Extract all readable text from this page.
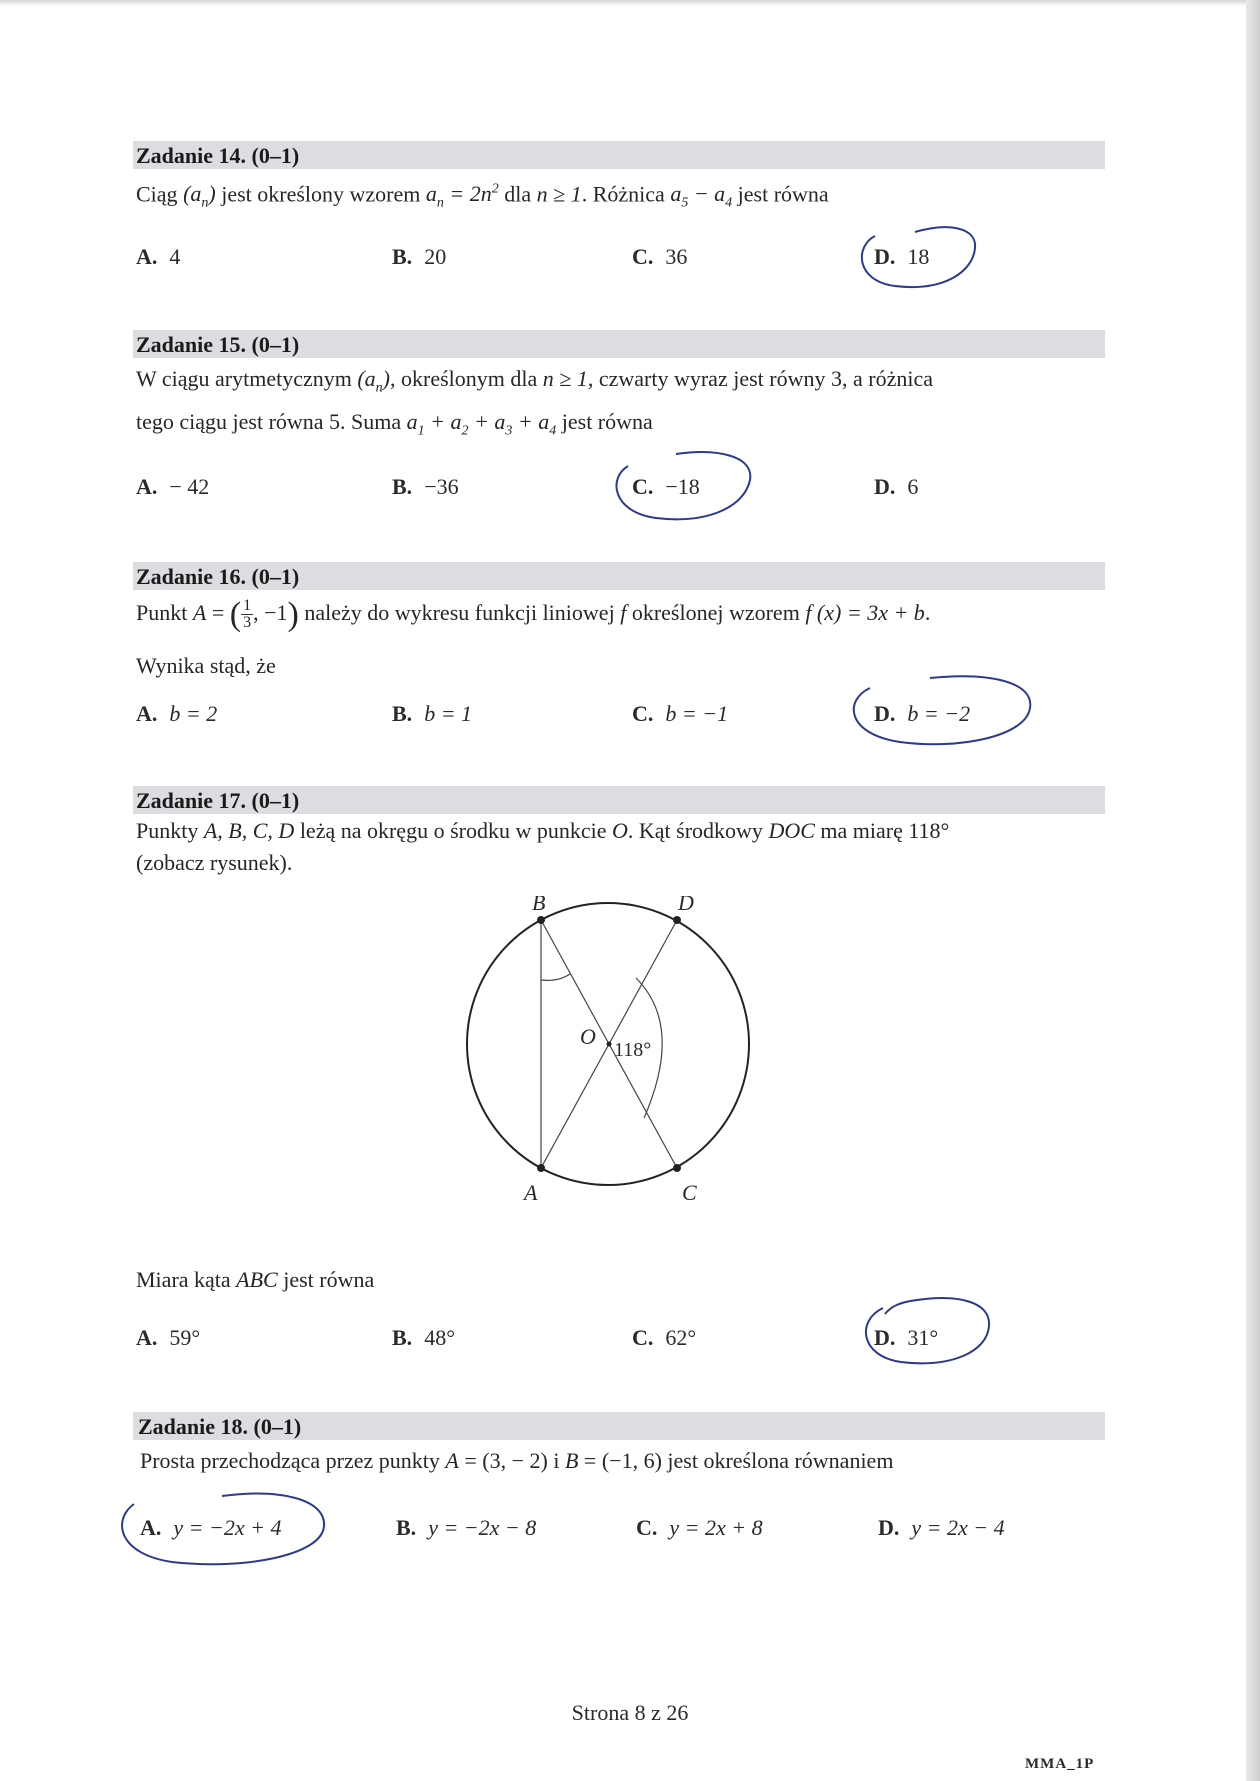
Zadanie 14. (0–1)
Ciąg $(a_n)$ jest określony wzorem $a_n = 2n^2$ dla n ≥ 1. Różnica $a_5 - a_4$ jest równa
A. 4	B. 20	C. 36	D. 18
Zadanie 15. (0–1)
W ciągu arytmetycznym $(a_n)$, określonym dla n ≥ 1, czwarty wyraz jest równy 3, a różnica
tego ciągu jest równa 5. Suma $a_1 + a_2 + a_3 + a_4$ jest równa
A. − 42	B. −36	C. −18	D. 6
Zadanie 16. (0–1)
Punkt A = ( $\frac{1}{3}$ , −1) należy do wykresu funkcji liniowej f określonej wzorem f (x) = 3x + b.
Wynika stąd, że
A. b = 2	B. b = 1	C. b = −1	D. b = −2
Zadanie 17. (0–1)
Punkty A, B, C, D leżą na okręgu o środku w punkcie O. Kąt środkowy DOC ma miarę 118°
(zobacz rysunek).
B	D
A	C
O
118°
Miara kąta ABC jest równa
A. 59°	B. 48°	C. 62°	D. 31°
Zadanie 18. (0–1)
Prosta przechodząca przez punkty A = (3, − 2) i B = (−1, 6) jest określona równaniem
A. y = −2x + 4	B. y = −2x − 8	C. y = 2x + 8	D. y = 2x − 4
Strona 8 z 26
MMA_1P
